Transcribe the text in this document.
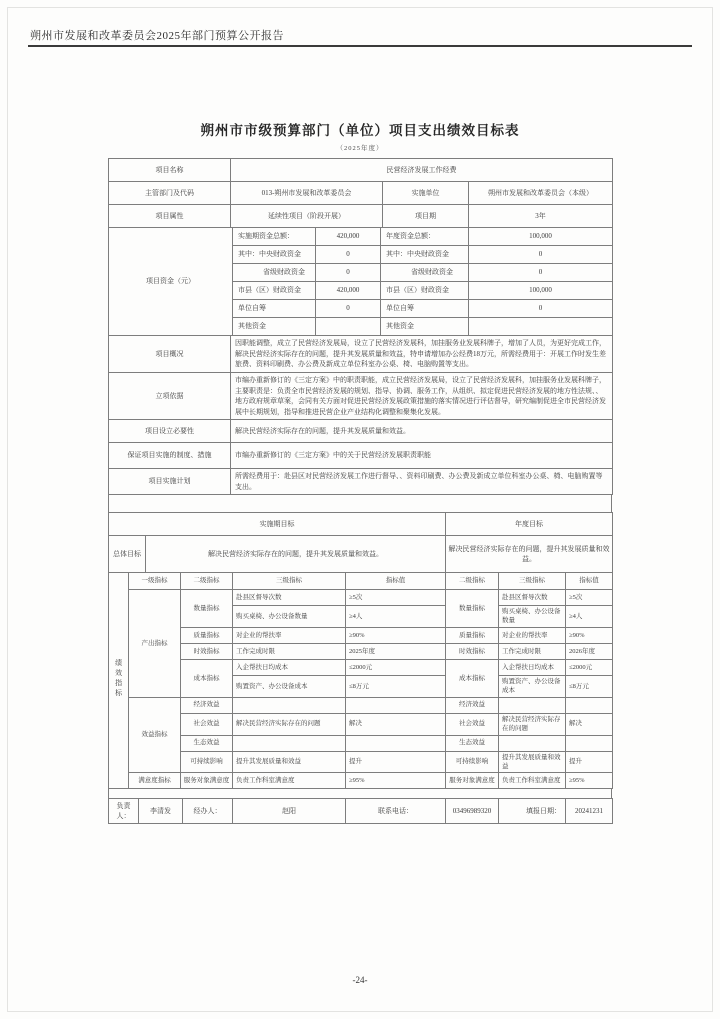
朔州市发展和改革委员会2025年部门预算公开报告
朔州市市级预算部门（单位）项目支出绩效目标表
（2025年度）
项目名称	民营经济发展工作经费		
主管部门及代码	013-朔州市发展和改革委员会	实施单位	朔州市发展和改革委员会（本级）
项目属性	延续性项目（阶段开展）	项目期	3年
项目资金（元）	实施期资金总额：	420,000	年度资金总额：	100,000
	其中：中央财政资金	0	其中：中央财政资金	0
	省级财政资金	0	省级财政资金	0
	市县（区）财政资金	420,000	市县（区）财政资金	100,000
	单位自筹	0	单位自筹	0
	其他资金		其他资金	
项目概况	因职能调整，成立了民营经济发展局，设立了民营经济发展科，加挂服务业发展科牌子，增加了人员，为更好完成工作，解决民营经济实际存在的问题，提升其发展质量和效益，特申请增加办公经费18万元，所需经费用于：开展工作时发生差旅费、资料印刷费、办公费及新成立单位科室办公桌、椅、电脑购置等支出。
立项依据	市编办重新修订的《三定方案》中的职责职能，成立民营经济发展局，设立了民营经济发展科，加挂服务业发展科牌子，主要职责是：负责全市民营经济发展的规划、指导、协调、服务工作，从组织、拟定促进民营经济发展的地方性法规、、地方政府规章草案，会同有关方面对促进民营经济发展政策措施的落实情况进行评估督导，研究编制促进全市民营经济发展中长期规划，指导和推进民营企业产业结构化调整和聚集化发展。
项目设立必要性	解决民营经济实际存在的问题，提升其发展质量和效益。
保证项目实施的制度、措施	市编办重新修订的《三定方案》中的关于民营经济发展职责职能
项目实施计划	所需经费用于：赴县区对民营经济发展工作进行督导、、资料印刷费、办公费及新成立单位科室办公桌、椅、电脑购置等支出。
实施期目标		年度目标
总体目标	解决民营经济实际存在的问题，提升其发展质量和效益。	解决民营经济实际存在的问题，提升其发展质量和效益。
绩效指标	一级指标	二级指标	三级指标	指标值	二级指标	三级指标	指标值
	产出指标	数量指标	赴县区督导次数	≥5次	数量指标	赴县区督导次数	≥5次
			购买桌椅、办公设备数量	≥4人		购买桌椅、办公设备数量	≥4人
		质量指标	对企业的帮扶率	≥90%	质量指标	对企业的帮扶率	≥90%
		时效指标	工作完成时限	2025年度	时效指标	工作完成时限	2026年度
		成本指标	入企帮扶日均成本	≤2000元	成本指标	入企帮扶日均成本	≤2000元
			购置资产、办公设备成本	≤8万元		购置资产、办公设备成本	≤8万元
	效益指标	经济效益			经济效益		
		社会效益	解决民营经济实际存在的问题	解决	社会效益	解决民营经济实际存在的问题	解决
		生态效益			生态效益		
		可持续影响	提升其发展质量和效益	提升	可持续影响	提升其发展质量和效益	提升
	满意度指标	服务对象满意度	负责工作科室满意度	≥95%	服务对象满意度	负责工作科室满意度	≥95%
负责人：	李清发	经办人：	赵阳	联系电话：	03496989320	填报日期：	20241231
-24-
